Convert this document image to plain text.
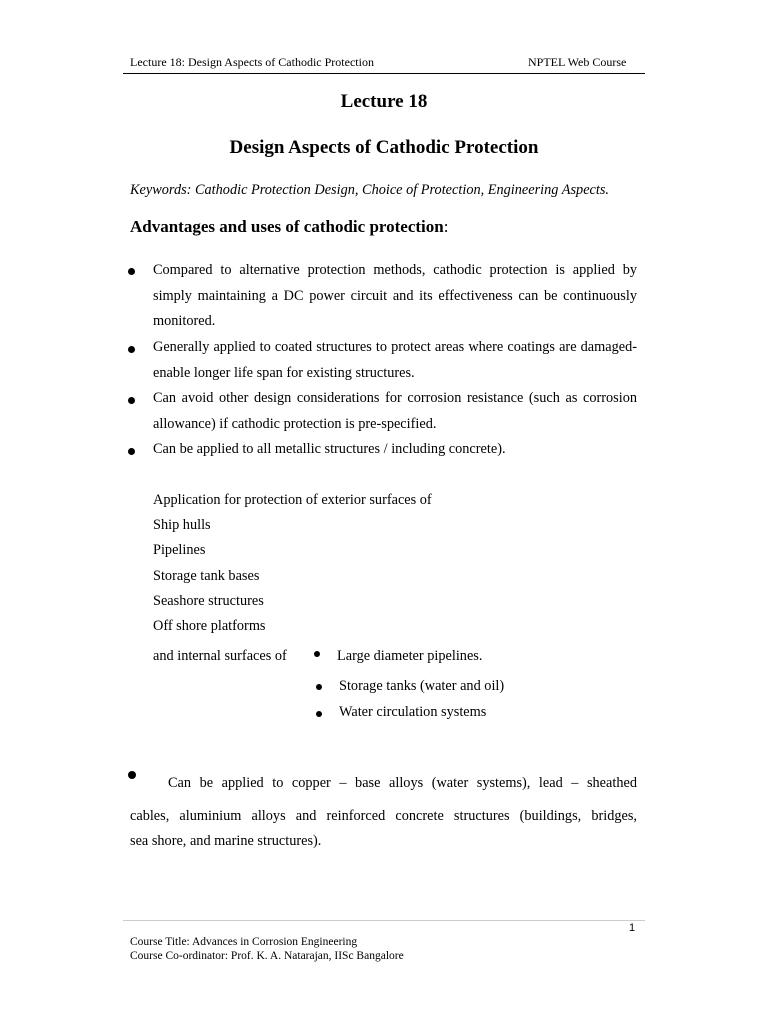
Lecture 18: Design Aspects of Cathodic Protection	NPTEL Web Course
Lecture 18
Design Aspects of Cathodic Protection
Keywords: Cathodic Protection Design, Choice of Protection, Engineering Aspects.
Advantages and uses of cathodic protection:
Compared to alternative protection methods, cathodic protection is applied by simply maintaining a DC power circuit and its effectiveness can be continuously monitored.
Generally applied to coated structures to protect areas where coatings are damaged-enable longer life span for existing structures.
Can avoid other design considerations for corrosion resistance (such as corrosion allowance) if cathodic protection is pre-specified.
Can be applied to all metallic structures / including concrete).
Application for protection of exterior surfaces of
Ship hulls
Pipelines
Storage tank bases
Seashore structures
Off shore platforms
and internal surfaces of	Large diameter pipelines.
Storage tanks (water and oil)
Water circulation systems
Can be applied to copper – base alloys (water systems), lead – sheathed
cables, aluminium alloys and reinforced concrete structures (buildings, bridges,
sea shore, and marine structures).
1
Course Title: Advances in Corrosion Engineering
Course Co-ordinator: Prof. K. A. Natarajan, IISc Bangalore
